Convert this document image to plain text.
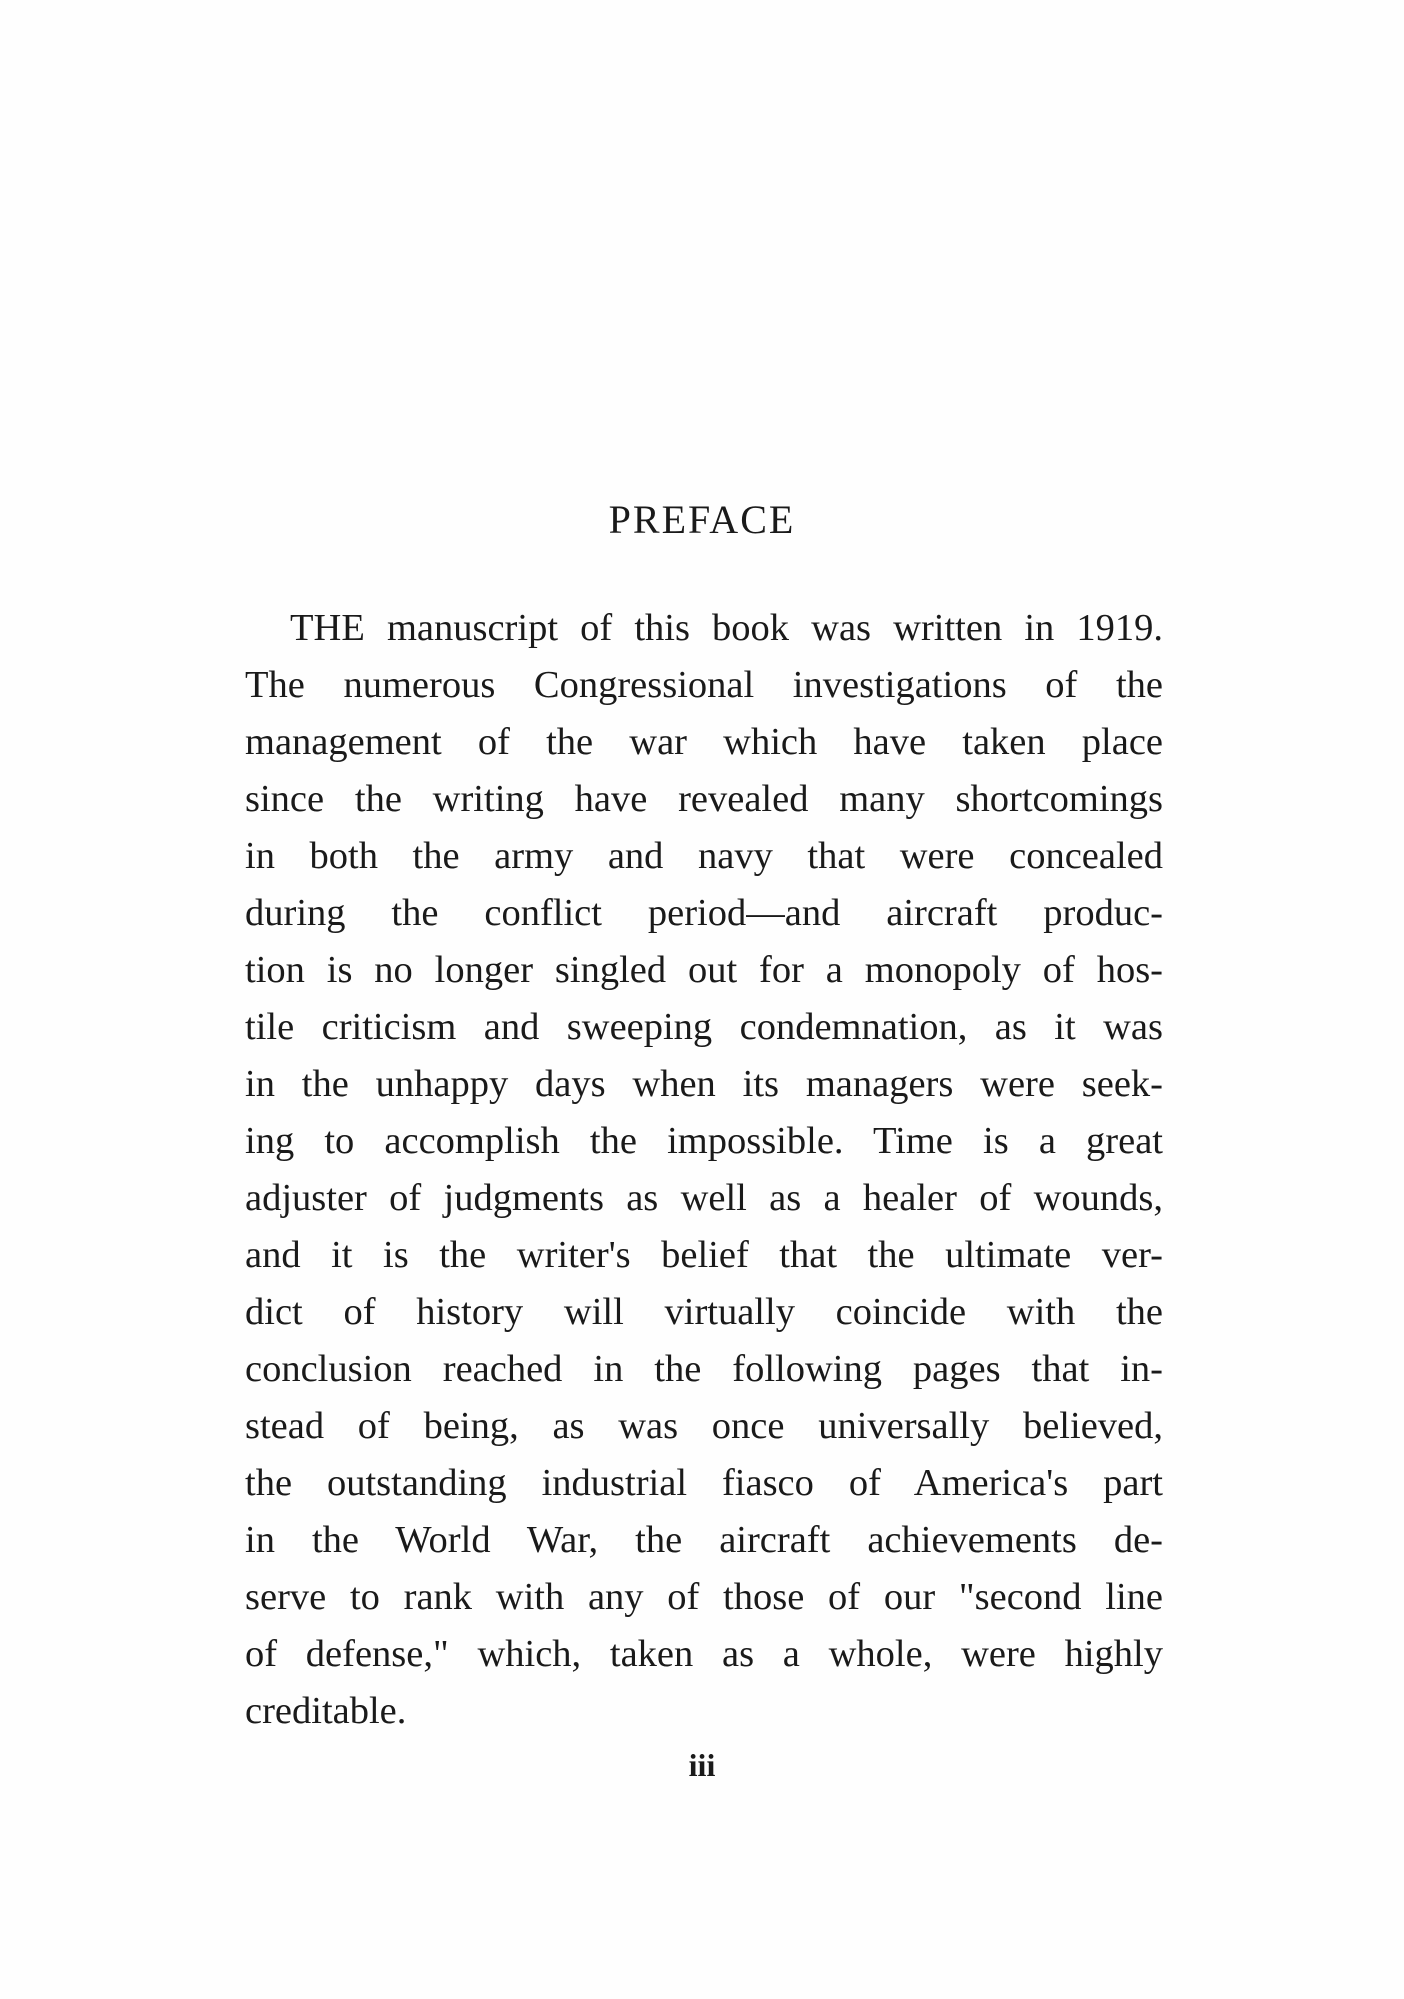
PREFACE
THE manuscript of this book was written in 1919.
The numerous Congressional investigations of the
management of the war which have taken place
since the writing have revealed many shortcomings
in both the army and navy that were concealed
during the conflict period—and aircraft produc-
tion is no longer singled out for a monopoly of hos-
tile criticism and sweeping condemnation, as it was
in the unhappy days when its managers were seek-
ing to accomplish the impossible. Time is a great
adjuster of judgments as well as a healer of wounds,
and it is the writer's belief that the ultimate ver-
dict of history will virtually coincide with the
conclusion reached in the following pages that in-
stead of being, as was once universally believed,
the outstanding industrial fiasco of America's part
in the World War, the aircraft achievements de-
serve to rank with any of those of our "second line
of defense," which, taken as a whole, were highly
creditable.
iii
